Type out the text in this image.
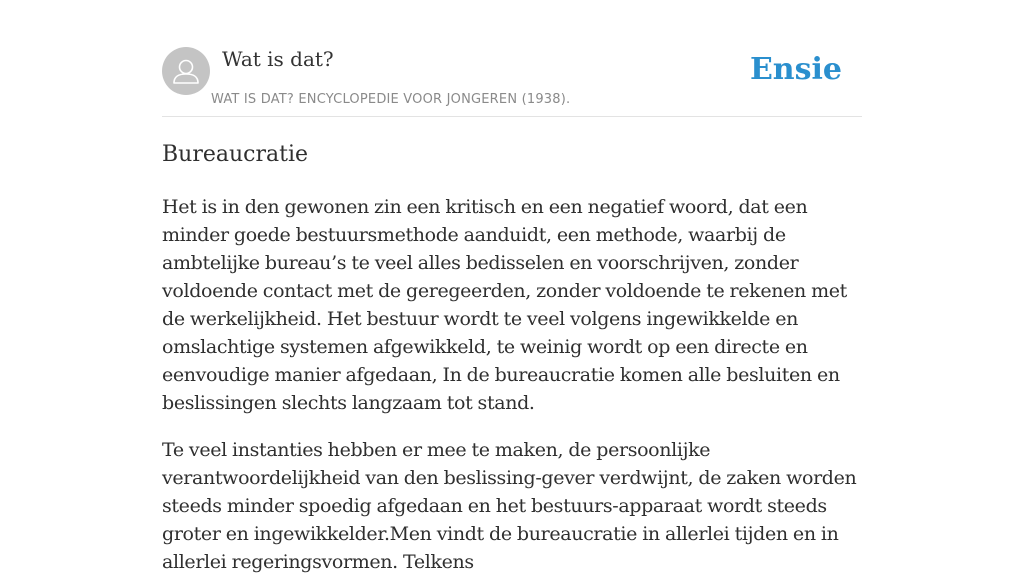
Wat is dat?
WAT IS DAT? ENCYCLOPEDIE VOOR JONGEREN (1938).
Ensie
Bureaucratie

Het is in den gewonen zin een kritisch en een negatief woord, dat een minder goede bestuursmethode aanduidt, een methode, waarbij de ambtelijke bureau’s te veel alles bedisselen en voorschrijven, zonder voldoende contact met de geregeerden, zonder voldoende te rekenen met de werkelijkheid. Het bestuur wordt te veel volgens ingewikkelde en omslachtige systemen afgewikkeld, te weinig wordt op een directe en eenvoudige manier afgedaan, In de bureaucratie komen alle besluiten en beslissingen slechts langzaam tot stand.

Te veel instanties hebben er mee te maken, de persoonlijke verantwoordelijkheid van den beslissing-gever verdwijnt, de zaken worden steeds minder spoedig afgedaan en het bestuurs-apparaat wordt steeds groter en ingewikkelder.Men vindt de bureaucratie in allerlei tijden en in allerlei regeringsvormen. Telkens
